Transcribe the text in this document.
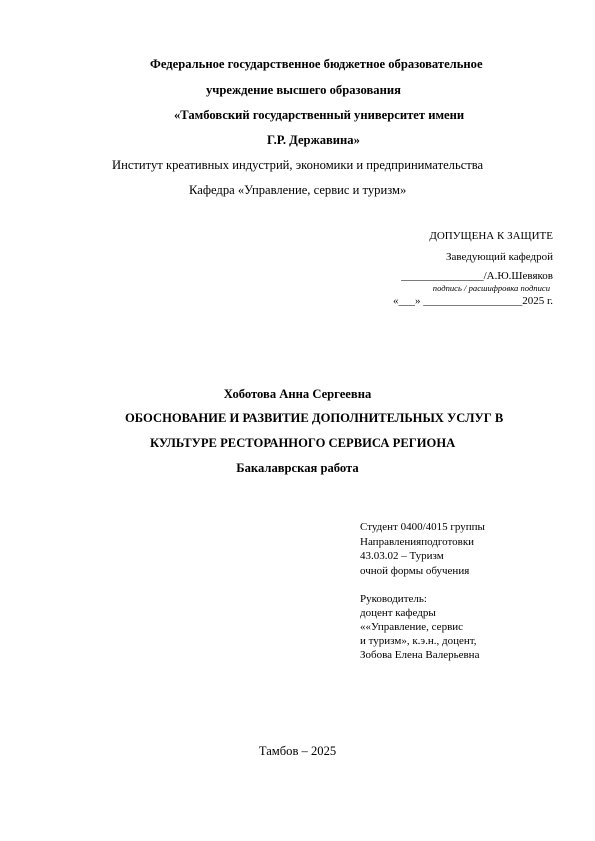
Федеральное государственное бюджетное образовательное
учреждение высшего образования
«Тамбовский государственный университет имени
Г.Р. Державина»
Институт креативных индустрий, экономики и предпринимательства
Кафедра «Управление, сервис и туризм»
ДОПУЩЕНА К ЗАЩИТЕ
Заведующий кафедрой
_______________/А.Ю.Шевяков
подпись / расшифровка подписи
«___» __________________2025 г.
Хоботова Анна Сергеевна
ОБОСНОВАНИЕ И РАЗВИТИЕ ДОПОЛНИТЕЛЬНЫХ УСЛУГ В
КУЛЬТУРЕ РЕСТОРАННОГО СЕРВИСА РЕГИОНА
Бакалаврская работа
Студент 0400/4015 группы
Направленияподготовки
43.03.02 – Туризм
очной формы обучения
Руководитель:
доцент кафедры
««Управление, сервис
и туризм», к.э.н., доцент,
Зобова Елена Валерьевна
Тамбов – 2025
